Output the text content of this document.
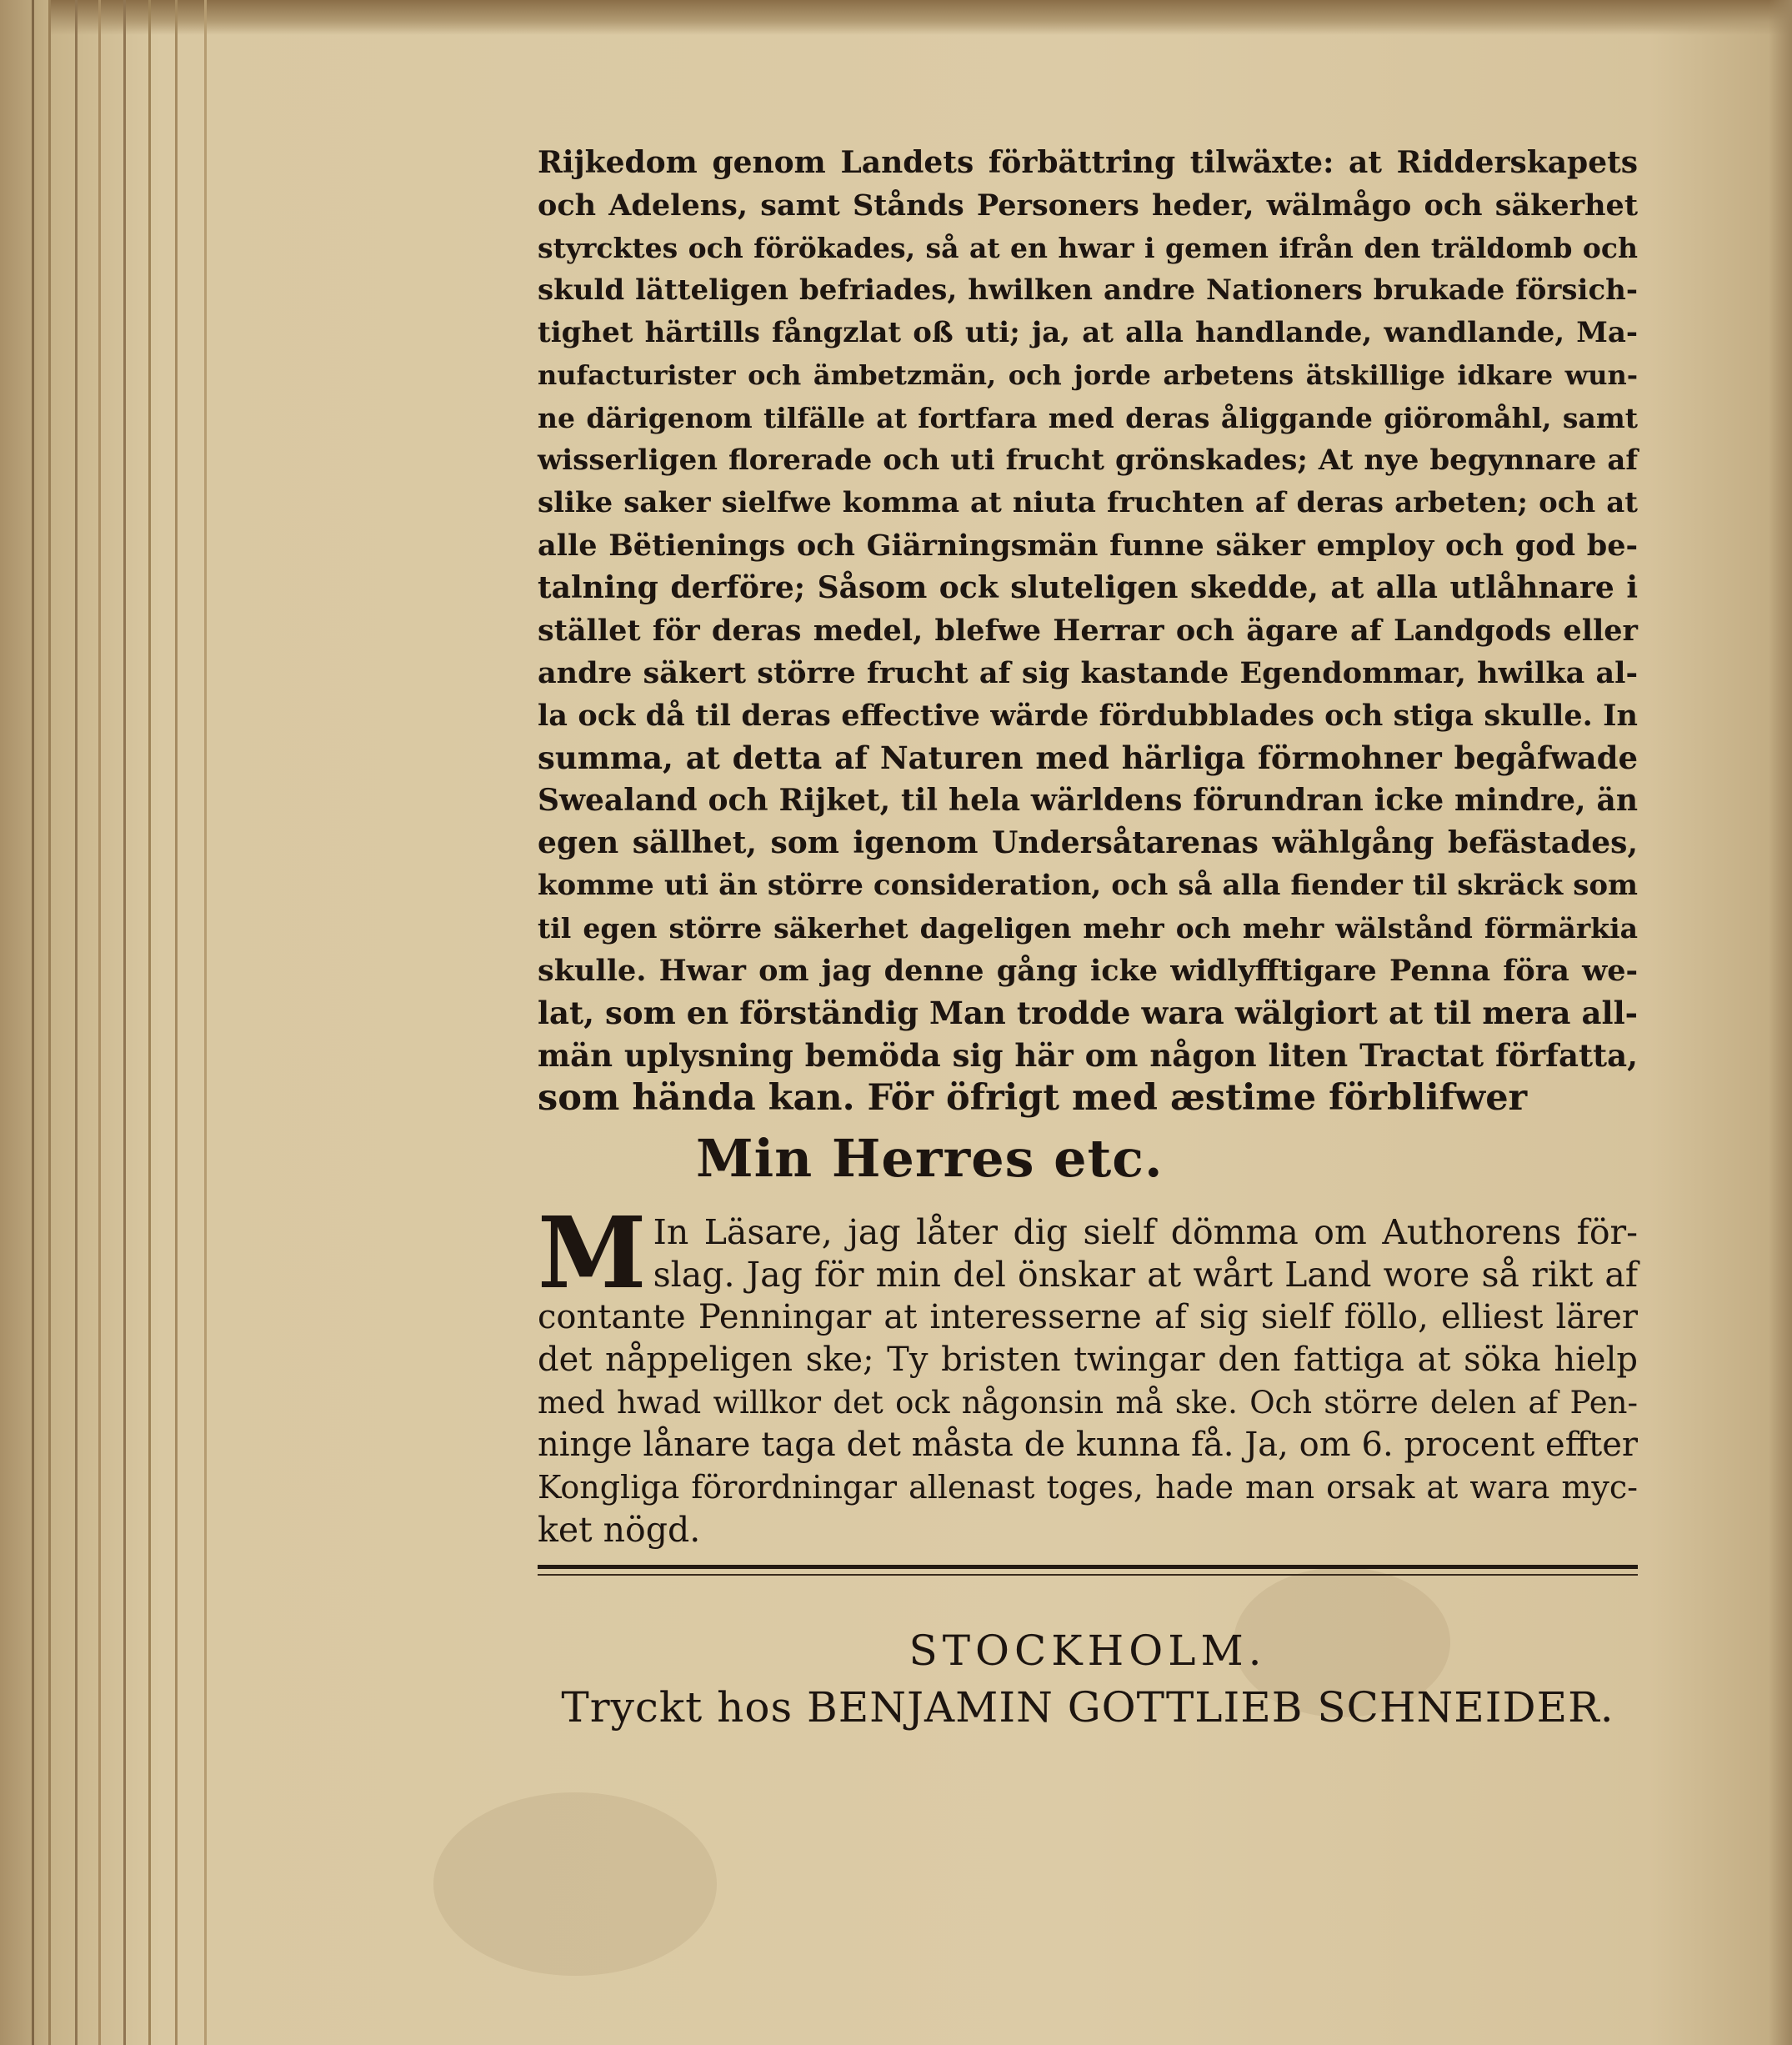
Rijkedom genom Landets förbättring tilwäxte: at Ridderskapets
och Adelens, samt Stånds Personers heder, wälmågo och säkerhet
styrcktes och förökades, så at en hwar i gemen ifrån den träldomb och
skuld lätteligen befriades, hwilken andre Nationers brukade försich-
tighet härtills fångzlat oß uti; ja, at alla handlande, wandlande, Ma-
nufacturister och ämbetzmän, och jorde arbetens ätskillige idkare wun-
ne därigenom tilfälle at fortfara med deras åliggande giöromåhl, samt
wisserligen florerade och uti frucht grönskades; At nye begynnare af
slike saker sielfwe komma at niuta fruchten af deras arbeten; och at
alle Bëtienings och Giärningsmän funne säker employ och god be-
talning derföre; Såsom ock sluteligen skedde, at alla utlåhnare i
stället för deras medel, blefwe Herrar och ägare af Landgods eller
andre säkert större frucht af sig kastande Egendommar, hwilka al-
la ock då til deras effective wärde fördubblades och stiga skulle. In
summa, at detta af Naturen med härliga förmohner begåfwade
Swealand och Rijket, til hela wärldens förundran icke mindre, än
egen sällhet, som igenom Undersåtarenas wählgång befästades,
komme uti än större consideration, och så alla fiender til skräck som
til egen större säkerhet dageligen mehr och mehr wälstånd förmärkia
skulle. Hwar om jag denne gång icke widlyfftigare Penna föra we-
lat, som en förständig Man trodde wara wälgiort at til mera all-
män uplysning bemöda sig här om någon liten Tractat författa,
som hända kan. För öfrigt med æstime förblifwer
Min Herres etc.
M In Läsare, jag låter dig sielf dömma om Authorens för-
slag. Jag för min del önskar at wårt Land wore så rikt af
contante Penningar at interesserne af sig sielf föllo, elliest lärer
det nåppeligen ske; Ty bristen twingar den fattiga at söka hielp
med hwad willkor det ock någonsin må ske. Och större delen af Pen-
ninge lånare taga det måsta de kunna få. Ja, om 6. procent effter
Kongliga förordningar allenast toges, hade man orsak at wara myc-
ket nögd.
STOCKHOLM.
Tryckt hos BENJAMIN GOTTLIEB SCHNEIDER.
